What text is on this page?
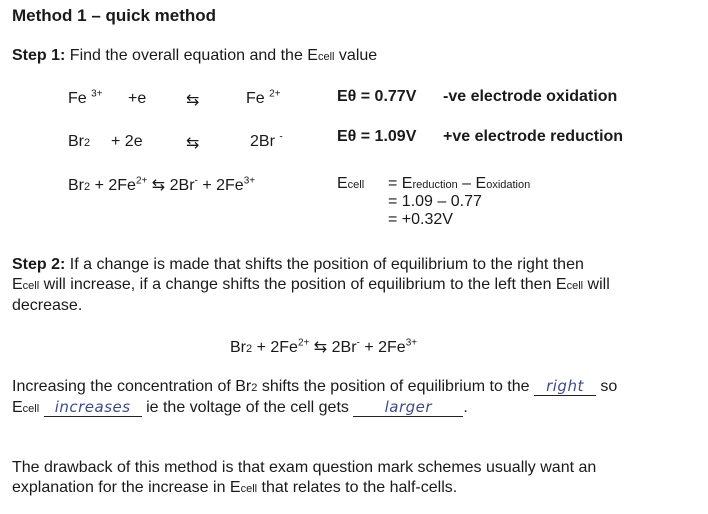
Method 1 – quick method
Step 1: Find the overall equation and the Ecell value
Fe $^{3+}$ +e ⇆	Fe $^{2+}$	Eθ = 0.77V -ve electrode oxidation
Br2 + 2e	⇆	2Br -	Eθ = 1.09V +ve electrode reduction
$Br2 + 2Fe^{2+}$ ⇆ $2Br^- + 2Fe^{3+}$	Ecell = Ereduction – Eoxidation
= 1.09 – 0.77
= +0.32V
Step 2: If a change is made that shifts the position of equilibrium to the right then
Ecell will increase, if a change shifts the position of equilibrium to the left then Ecell will
decrease.
$Br2 + 2Fe^{2+}$ ⇆ $2Br^- + 2Fe^{3+}$
Increasing the concentration of Br2 shifts the position of equilibrium to the right so
Ecell increases ie the voltage of the cell gets larger .
The drawback of this method is that exam question mark schemes usually want an
explanation for the increase in Ecell that relates to the half-cells.
